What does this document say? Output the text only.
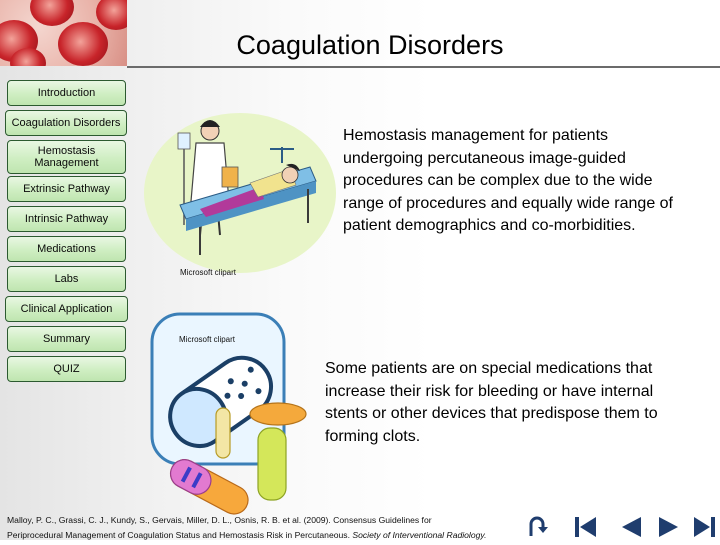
Coagulation Disorders
Introduction
Coagulation Disorders
Hemostasis Management
Extrinsic Pathway
Intrinsic Pathway
Medications
Labs
Clinical Application
Summary
QUIZ
Microsoft clipart
Hemostasis management for patients undergoing percutaneous image-guided procedures can be complex due to the wide range of procedures and equally wide range of patient demographics and co-morbidities.
Microsoft clipart
Some patients are on special medications that increase their risk for bleeding or have internal stents or other devices that predispose them to forming clots.
Malloy, P. C., Grassi, C. J., Kundy, S., Gervais, Miller, D. L., Osnis, R. B. et al. (2009). Consensus Guidelines for
Periprocedural Management of Coagulation Status and Hemostasis Risk in Percutaneous. Society of Interventional Radiology.
